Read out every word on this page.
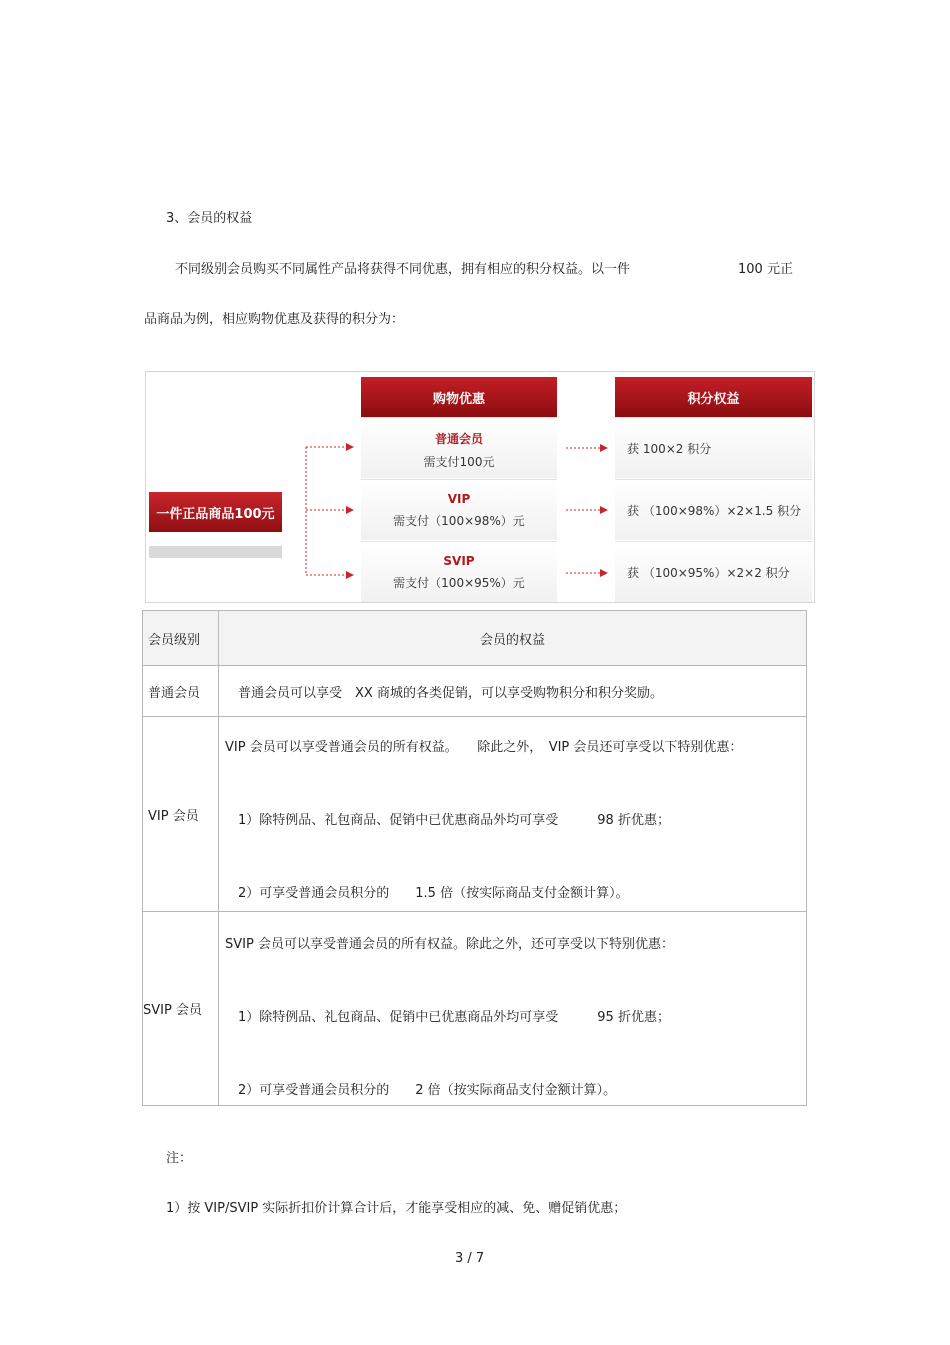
3、会员的权益
不同级别会员购买不同属性产品将获得不同优惠，拥有相应的积分权益。以一件	100 元正
品商品为例，相应购物优惠及获得的积分为：
一件正品商品100元
购物优惠
普通会员
需支付100元
VIP
需支付（100×98%）元
SVIP
需支付（100×95%）元
积分权益
获 100×2 积分
获 （100×98%）×2×1.5 积分
获 （100×95%）×2×2 积分
会员级别	会员的权益
普通会员	　普通会员可以享受　XX 商城的各类促销，可以享受购物积分和积分奖励。

VIP 会员	VIP 会员可以享受普通会员的所有权益。　　除此之外，　VIP 会员还可享受以下特别优惠：
　1）除特例品、礼包商品、促销中已优惠商品外均可享受　　　98 折优惠；
　2）可享受普通会员积分的　　1.5 倍（按实际商品支付金额计算）。

SVIP 会员	SVIP 会员可以享受普通会员的所有权益。除此之外，还可享受以下特别优惠：
　1）除特例品、礼包商品、促销中已优惠商品外均可享受　　　95 折优惠；
　2）可享受普通会员积分的　　2 倍（按实际商品支付金额计算）。
注：
1）按 VIP/SVIP 实际折扣价计算合计后，才能享受相应的减、免、赠促销优惠；
3 / 7
